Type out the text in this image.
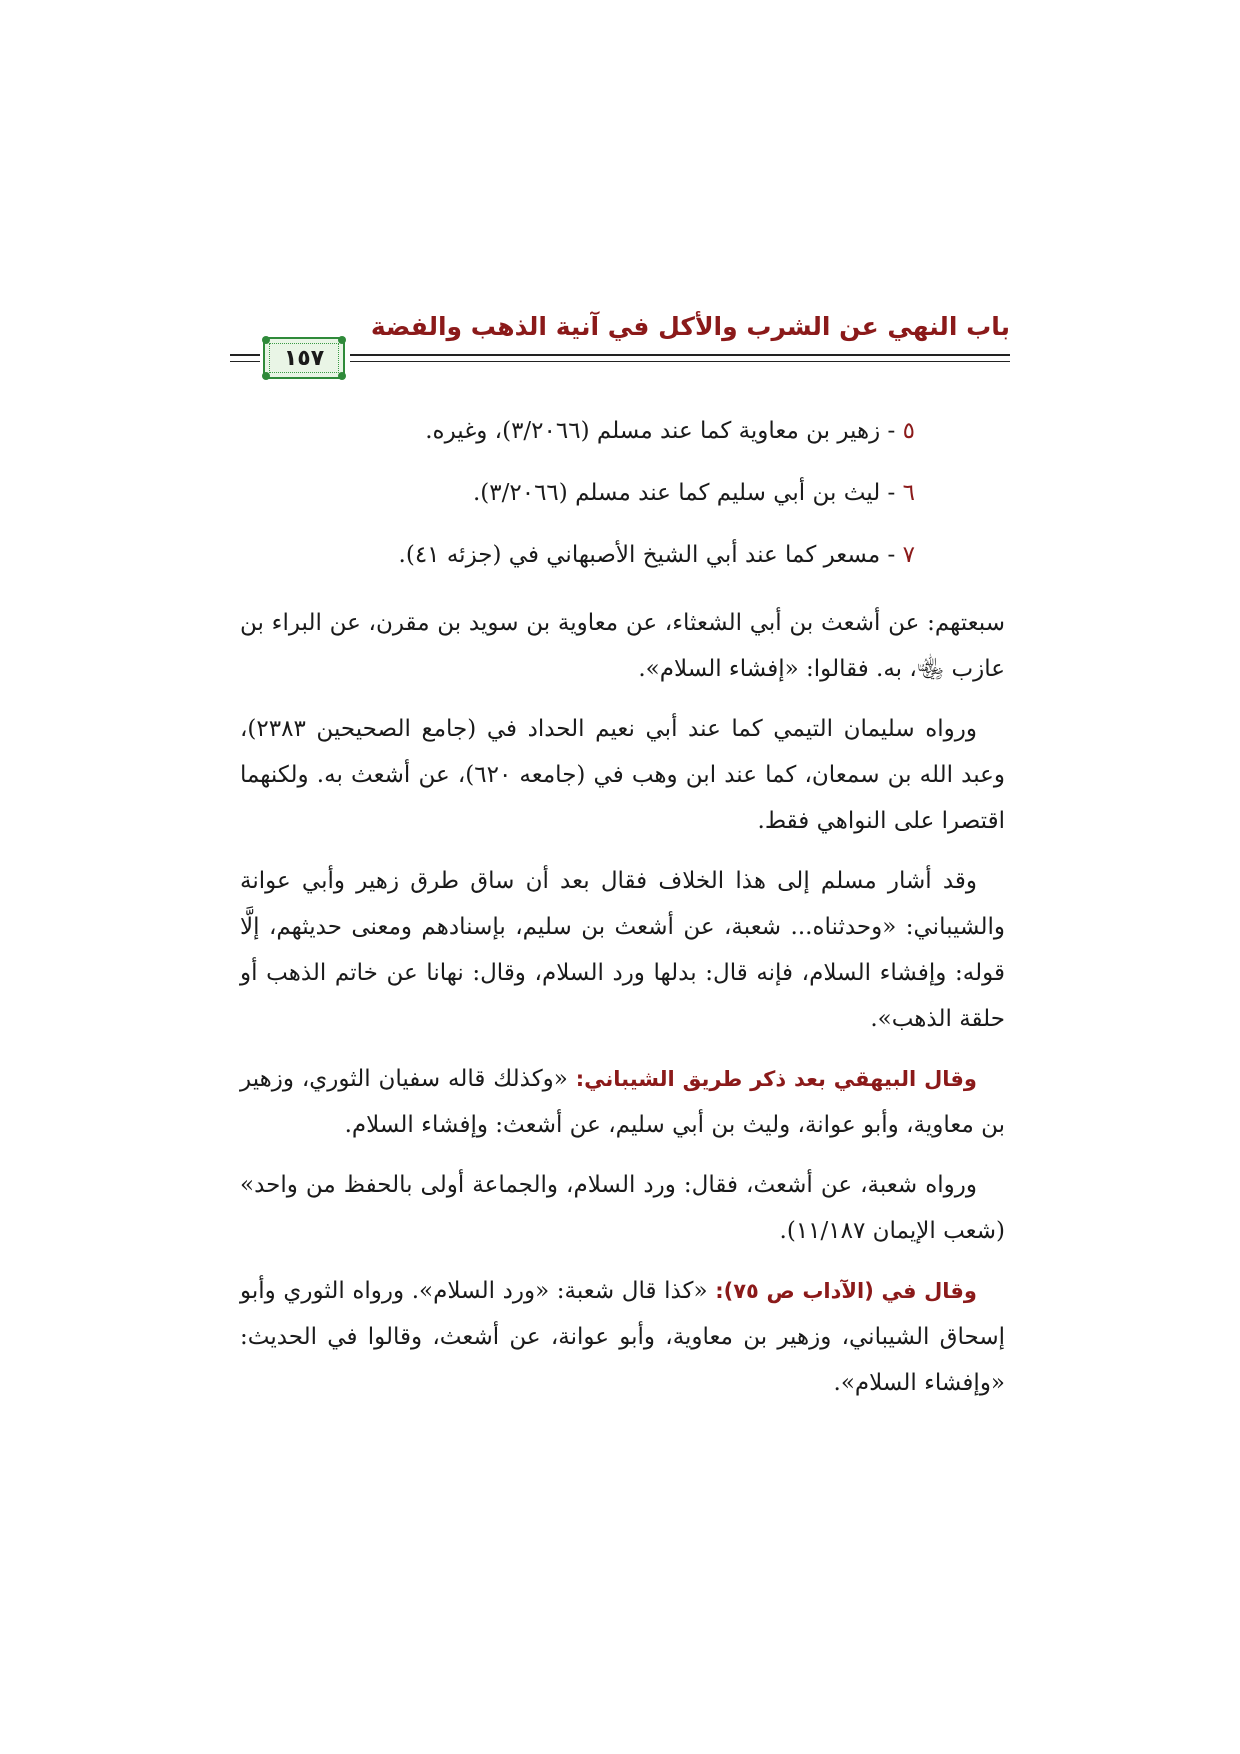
باب النهي عن الشرب والأكل في آنية الذهب والفضة
١٥٧
٥ - زهير بن معاوية كما عند مسلم (٣/٢٠٦٦)، وغيره.
٦ - ليث بن أبي سليم كما عند مسلم (٣/٢٠٦٦).
٧ - مسعر كما عند أبي الشيخ الأصبهاني في (جزئه ٤١).

سبعتهم: عن أشعث بن أبي الشعثاء، عن معاوية بن سويد بن مقرن، عن البراء بن عازب ﵄، به. فقالوا: «إفشاء السلام».

ورواه سليمان التيمي كما عند أبي نعيم الحداد في (جامع الصحيحين ٢٣٨٣)، وعبد الله بن سمعان، كما عند ابن وهب في (جامعه ٦٢٠)، عن أشعث به. ولكنهما اقتصرا على النواهي فقط.

وقد أشار مسلم إلى هذا الخلاف فقال بعد أن ساق طرق زهير وأبي عوانة والشيباني: «وحدثناه... شعبة، عن أشعث بن سليم، بإسنادهم ومعنى حديثهم، إلَّا قوله: وإفشاء السلام، فإنه قال: بدلها ورد السلام، وقال: نهانا عن خاتم الذهب أو حلقة الذهب».

وقال البيهقي بعد ذكر طريق الشيباني: «وكذلك قاله سفيان الثوري، وزهير بن معاوية، وأبو عوانة، وليث بن أبي سليم، عن أشعث: وإفشاء السلام.

ورواه شعبة، عن أشعث، فقال: ورد السلام، والجماعة أولى بالحفظ من واحد» (شعب الإيمان ١١/١٨٧).

وقال في (الآداب ص ٧٥): «كذا قال شعبة: «ورد السلام». ورواه الثوري وأبو إسحاق الشيباني، وزهير بن معاوية، وأبو عوانة، عن أشعث، وقالوا في الحديث: «وإفشاء السلام».
